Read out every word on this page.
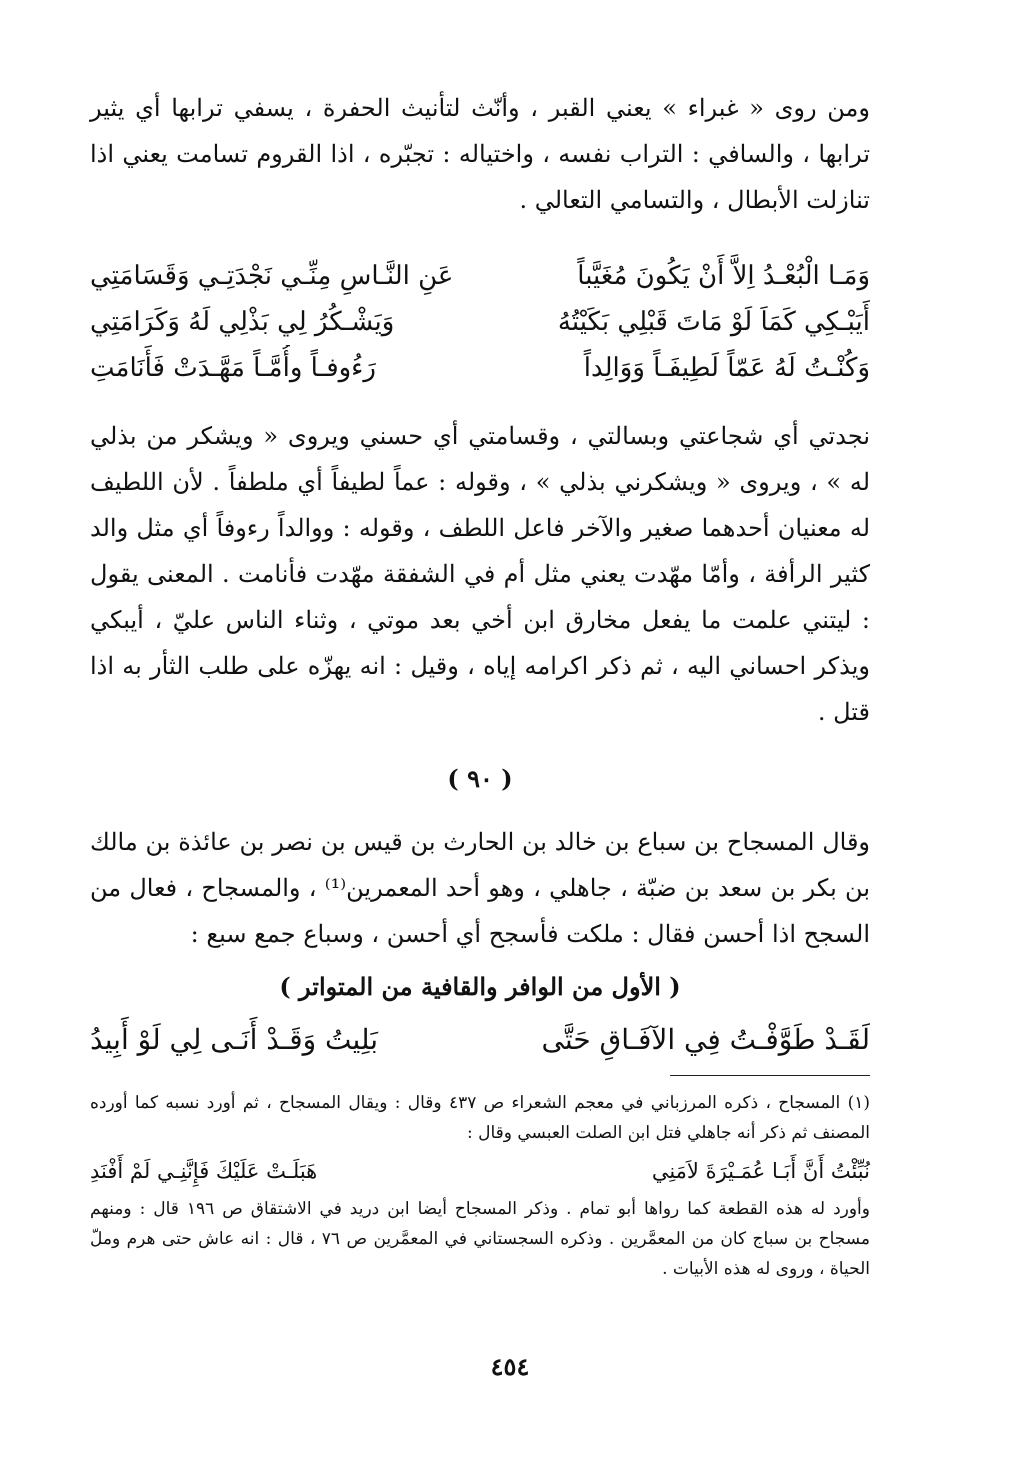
ومن روى « غبراء » يعني القبر ، وأنّث لتأنيث الحفرة ، يسفي ترابها أي يثير ترابها ، والسافي : التراب نفسه ، واختياله : تجبّره ، اذا القروم تسامت يعني اذا تنازلت الأبطال ، والتسامي التعالي .

وَمَـا الْبُعْـدُ اِلاَّ أَنْ يَكُونَ مُغَيَّباً
عَنِ النَّـاسِ مِنِّـي نَجْدَتِـي وَقَسَامَتِي
أَيَبْـكِي كَمَاَ لَوْ مَاتَ قَبْلِي بَكَيْتُهُ
وَيَشْـكُرُ لِي بَذْلِي لَهُ وَكَرَامَتِي
وَكُنْـتُ لَهُ عَمّاً لَطِيفَـاً وَوَالِداً
رَءُوفـاً وأُمَّـاً مَهَّـدَتْ فَأَنَامَتِ

نجدتي أي شجاعتي وبسالتي ، وقسامتي أي حسني ويروى « ويشكر من بذلي له » ، ويروى « ويشكرني بذلي » ، وقوله : عماً لطيفاً أي ملطفاً . لأن اللطيف له معنيان أحدهما صغير والآخر فاعل اللطف ، وقوله : ووالداً رءوفاً أي مثل والد كثير الرأفة ، وأمّا مهّدت يعني مثل أم في الشفقة مهّدت فأنامت . المعنى يقول : ليتني علمت ما يفعل مخارق ابن أخي بعد موتي ، وثناء الناس عليّ ، أيبكي ويذكر احساني اليه ، ثم ذكر اكرامه إياه ، وقيل : انه يهزّه على طلب الثأر به اذا قتل .

( ٩٠ )

وقال المسجاح بن سباع بن خالد بن الحارث بن قيس بن نصر بن عائذة بن مالك بن بكر بن سعد بن ضبّة ، جاهلي ، وهو أحد المعمرين⁽¹⁾ ، والمسجاح ، فعال من السجح اذا أحسن فقال : ملكت فأسجح أي أحسن ، وسباع جمع سبع :

( الأول من الوافر والقافية من المتواتر )
لَقَـدْ طَوَّفْـتُ فِي الآفَـاقِ حَتَّى
بَلِيتُ وَقَـدْ أَنَـى لِي لَوْ أَبِيدُ

(١) المسجاح ، ذكره المرزباني في معجم الشعراء ص ٤٣٧ وقال : ويقال المسجاح ، ثم أورد نسبه كما أورده المصنف ثم ذكر أنه جاهلي فتل ابن الصلت العبسي وقال :

نُبِّئْتُ أَنَّ أَبَـا عُمَـيْرَةَ لاَمَنِي
هَبَلَـتْ عَلَيْكَ فَإِنَّنِـي لَمْ أَفْنَدِ

وأورد له هذه القطعة كما رواها أبو تمام . وذكر المسجاح أيضا ابن دريد في الاشتقاق ص ١٩٦ قال : ومنهم مسجاح بن سباج كان من المعمَّرين . وذكره السجستاني في المعمَّرين ص ٧٦ ، قال : انه عاش حتى هرم وملّ الحياة ، وروى له هذه الأبيات .

٤٥٤
